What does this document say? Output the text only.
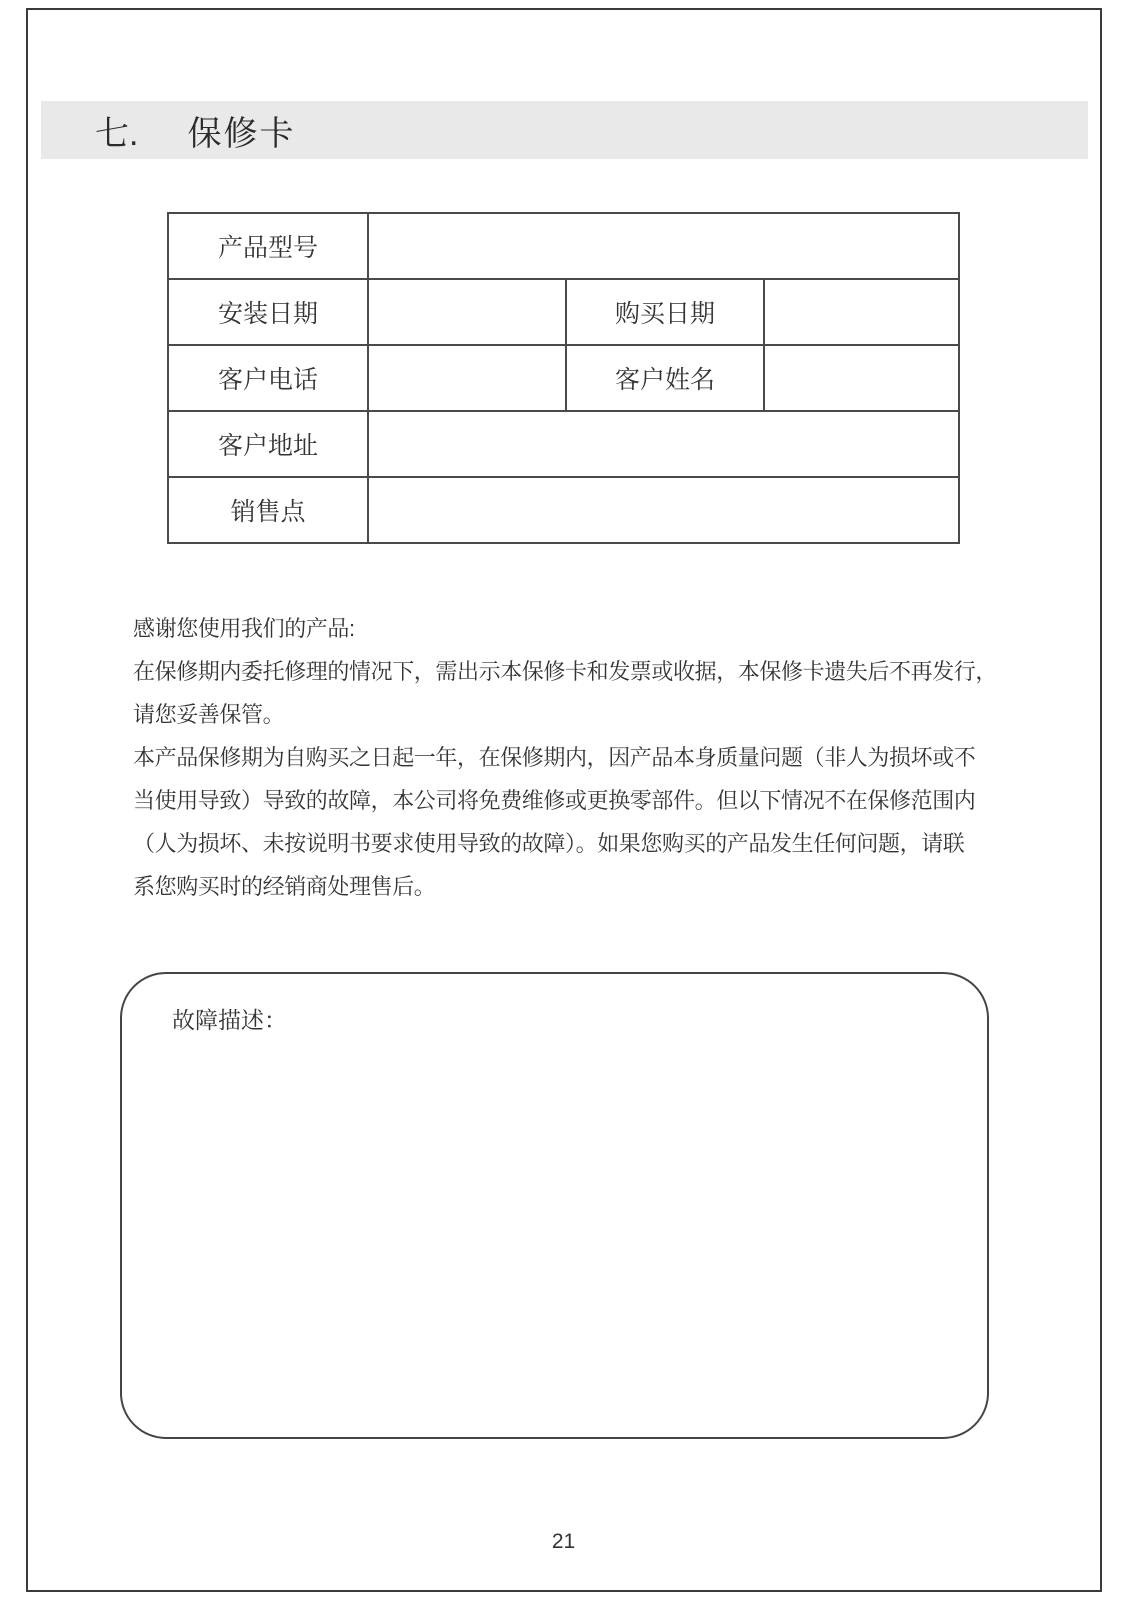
七. 保修卡
产品型号			
安装日期		购买日期	
客户电话		客户姓名	
客户地址			
销售点			
感谢您使用我们的产品:
在保修期内委托修理的情况下，需出示本保修卡和发票或收据，本保修卡遗失后不再发行，
请您妥善保管。
本产品保修期为自购买之日起一年，在保修期内，因产品本身质量问题（非人为损坏或不
当使用导致）导致的故障，本公司将免费维修或更换零部件。但以下情况不在保修范围内
（人为损坏、未按说明书要求使用导致的故障）。如果您购买的产品发生任何问题，请联
系您购买时的经销商处理售后。
故障描述：
21
